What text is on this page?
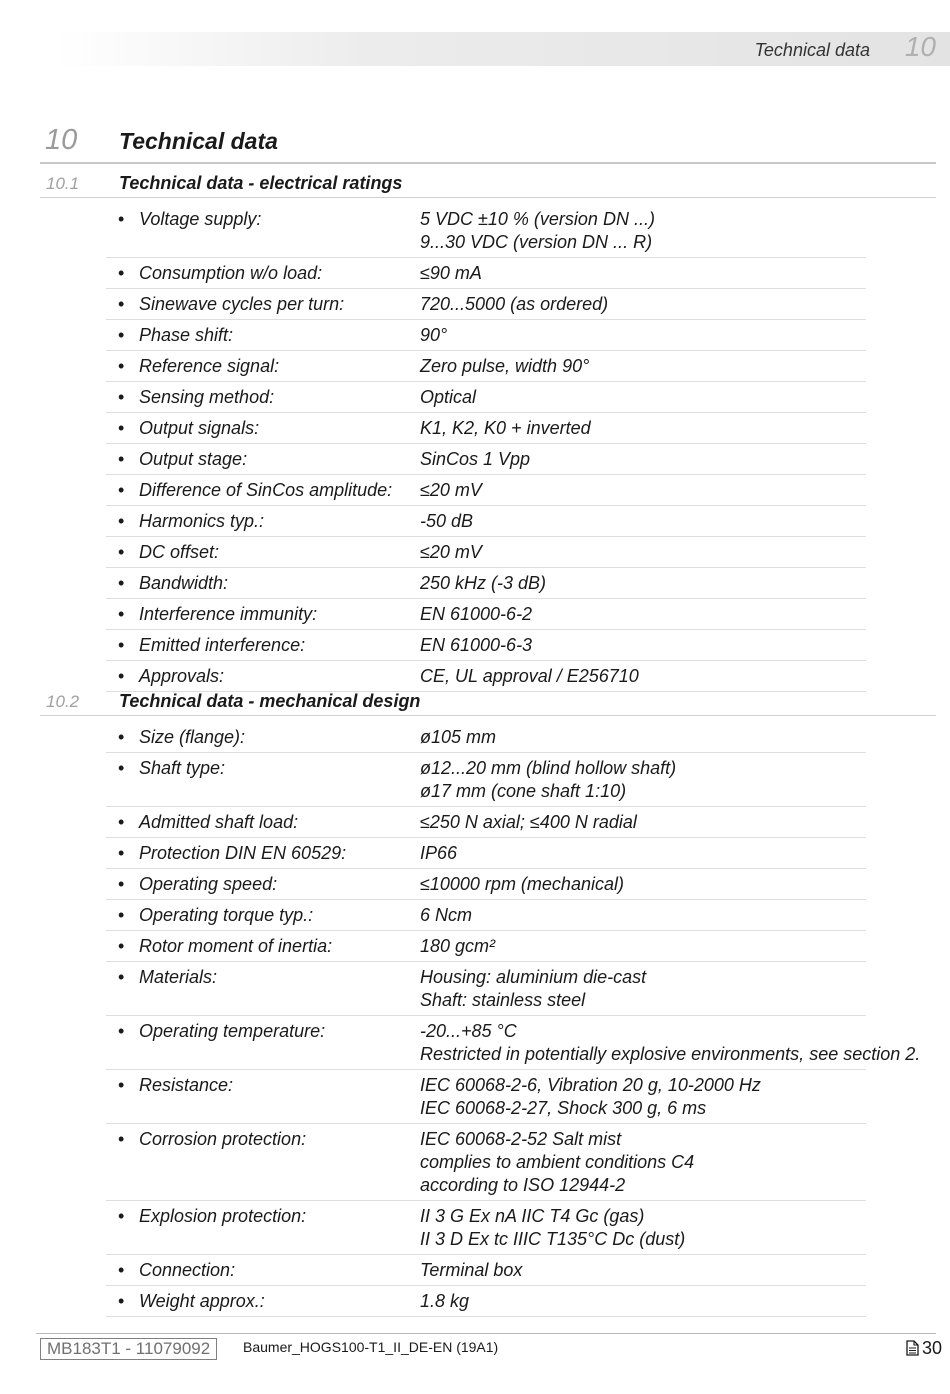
Technical data 10
10 Technical data
10.1 Technical data - electrical ratings
• Voltage supply:	5 VDC ±10 % (version DN ...)
9...30 VDC (version DN ... R)
• Consumption w/o load:	≤90 mA
• Sinewave cycles per turn:	720...5000 (as ordered)
• Phase shift:	90°
• Reference signal:	Zero pulse, width 90°
• Sensing method:	Optical
• Output signals:	K1, K2, K0 + inverted
• Output stage:	SinCos 1 Vpp
• Difference of SinCos amplitude: ≤20 mV
• Harmonics typ.:	-50 dB
• DC offset:	≤20 mV
• Bandwidth:	250 kHz (-3 dB)
• Interference immunity:	EN 61000-6-2
• Emitted interference:	EN 61000-6-3
• Approvals:	CE, UL approval / E256710
10.2 Technical data - mechanical design
• Size (flange):	ø105 mm
• Shaft type:	ø12...20 mm (blind hollow shaft)
ø17 mm (cone shaft 1:10)
• Admitted shaft load:	≤250 N axial; ≤400 N radial
• Protection DIN EN 60529:	IP66
• Operating speed:	≤10000 rpm (mechanical)
• Operating torque typ.:	6 Ncm
• Rotor moment of inertia:	180 gcm²
• Materials:	Housing: aluminium die-cast
Shaft: stainless steel
• Operating temperature:	-20...+85 °C
Restricted in potentially explosive environments, see section 2.
• Resistance:	IEC 60068-2-6, Vibration 20 g, 10-2000 Hz
IEC 60068-2-27, Shock 300 g, 6 ms
• Corrosion protection:	IEC 60068-2-52 Salt mist
complies to ambient conditions C4
according to ISO 12944-2
• Explosion protection:	II 3 G Ex nA IIC T4 Gc (gas)
II 3 D Ex tc IIIC T135°C Dc (dust)
• Connection:	Terminal box
• Weight approx.:	1.8 kg
MB183T1 - 11079092	Baumer_HOGS100-T1_II_DE-EN (19A1)	30
